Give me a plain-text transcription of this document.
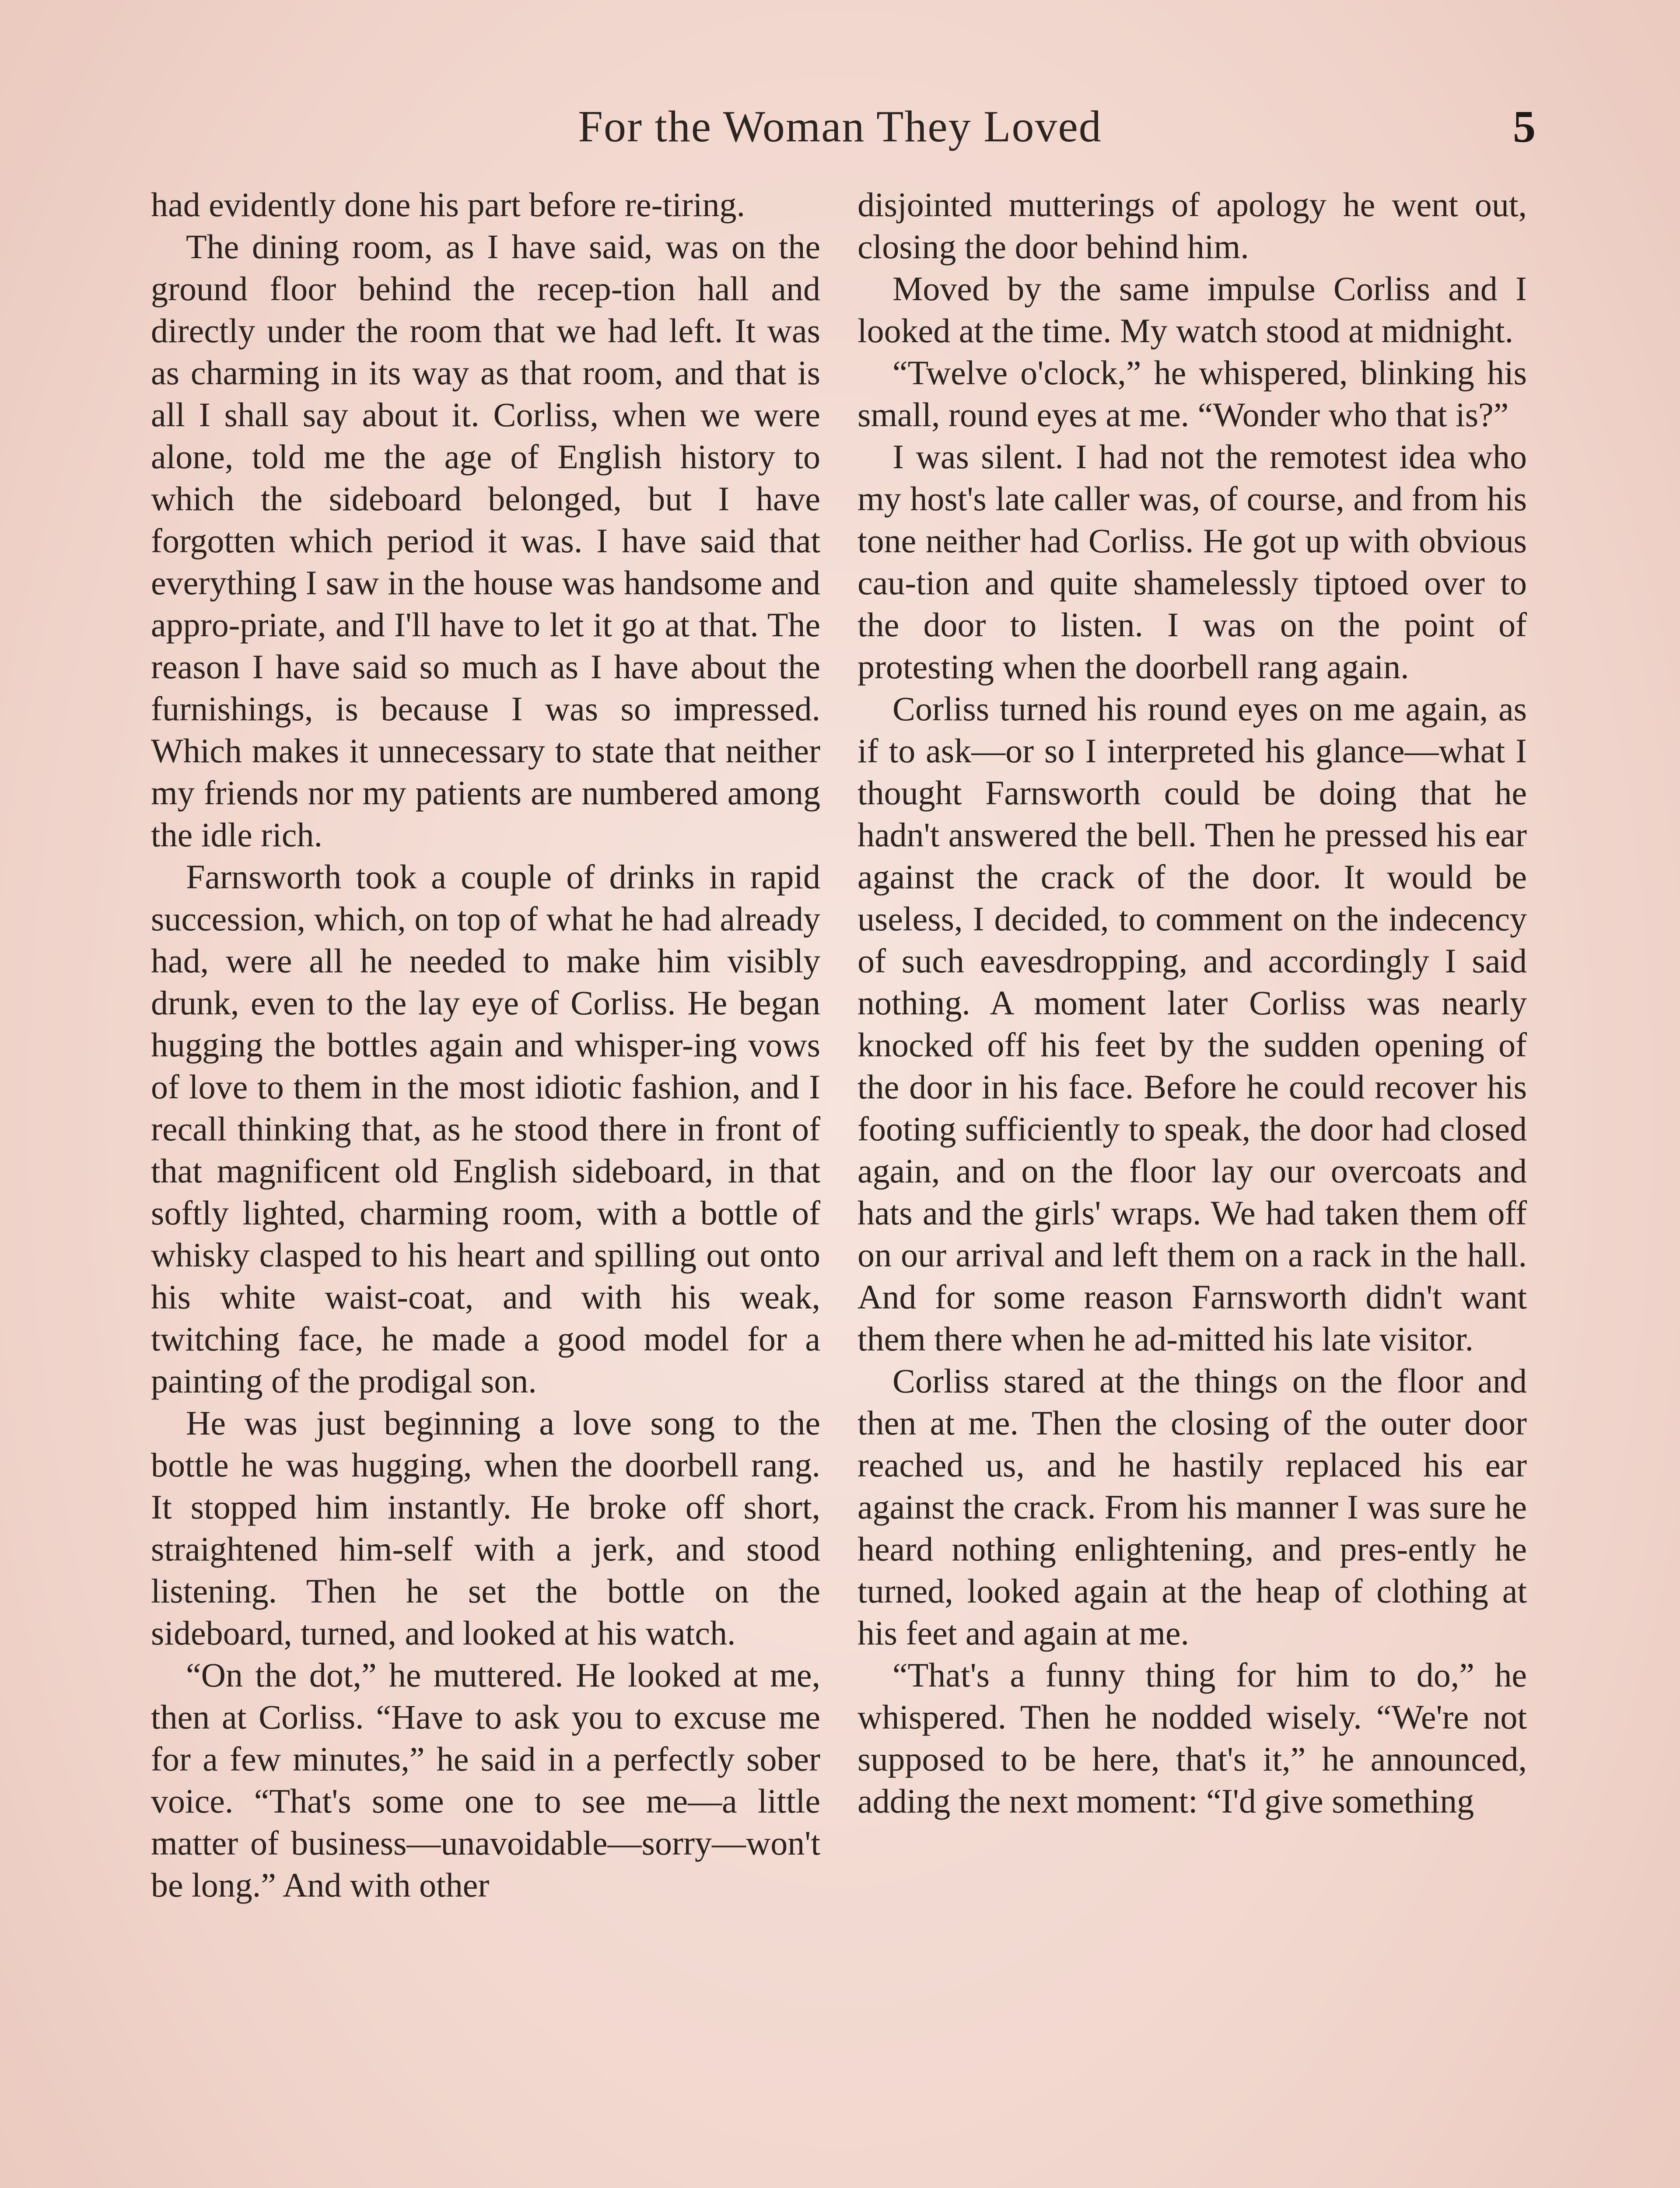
For the Woman They Loved	5

had evidently done his part before re-tiring.

The dining room, as I have said, was on the ground floor behind the recep-tion hall and directly under the room that we had left. It was as charming in its way as that room, and that is all I shall say about it. Corliss, when we were alone, told me the age of English history to which the sideboard belonged, but I have forgotten which period it was. I have said that everything I saw in the house was handsome and appro-priate, and I'll have to let it go at that. The reason I have said so much as I have about the furnishings, is because I was so impressed. Which makes it unnecessary to state that neither my friends nor my patients are numbered among the idle rich.

Farnsworth took a couple of drinks in rapid succession, which, on top of what he had already had, were all he needed to make him visibly drunk, even to the lay eye of Corliss. He began hugging the bottles again and whisper-ing vows of love to them in the most idiotic fashion, and I recall thinking that, as he stood there in front of that magnificent old English sideboard, in that softly lighted, charming room, with a bottle of whisky clasped to his heart and spilling out onto his white waist-coat, and with his weak, twitching face, he made a good model for a painting of the prodigal son.

He was just beginning a love song to the bottle he was hugging, when the doorbell rang. It stopped him instantly. He broke off short, straightened him-self with a jerk, and stood listening. Then he set the bottle on the sideboard, turned, and looked at his watch.

“On the dot,” he muttered. He looked at me, then at Corliss. “Have to ask you to excuse me for a few minutes,” he said in a perfectly sober voice. “That's some one to see me—a little matter of business—unavoidable—sorry—won't be long.” And with other

disjointed mutterings of apology he went out, closing the door behind him.

Moved by the same impulse Corliss and I looked at the time. My watch stood at midnight.

“Twelve o'clock,” he whispered, blinking his small, round eyes at me. “Wonder who that is?”

I was silent. I had not the remotest idea who my host's late caller was, of course, and from his tone neither had Corliss. He got up with obvious cau-tion and quite shamelessly tiptoed over to the door to listen. I was on the point of protesting when the doorbell rang again.

Corliss turned his round eyes on me again, as if to ask—or so I interpreted his glance—what I thought Farnsworth could be doing that he hadn't answered the bell. Then he pressed his ear against the crack of the door. It would be useless, I decided, to comment on the indecency of such eavesdropping, and accordingly I said nothing. A moment later Corliss was nearly knocked off his feet by the sudden opening of the door in his face. Before he could recover his footing sufficiently to speak, the door had closed again, and on the floor lay our overcoats and hats and the girls' wraps. We had taken them off on our arrival and left them on a rack in the hall. And for some reason Farnsworth didn't want them there when he ad-mitted his late visitor.

Corliss stared at the things on the floor and then at me. Then the closing of the outer door reached us, and he hastily replaced his ear against the crack. From his manner I was sure he heard nothing enlightening, and pres-ently he turned, looked again at the heap of clothing at his feet and again at me.

“That's a funny thing for him to do,” he whispered. Then he nodded wisely. “We're not supposed to be here, that's it,” he announced, adding the next moment: “I'd give something
